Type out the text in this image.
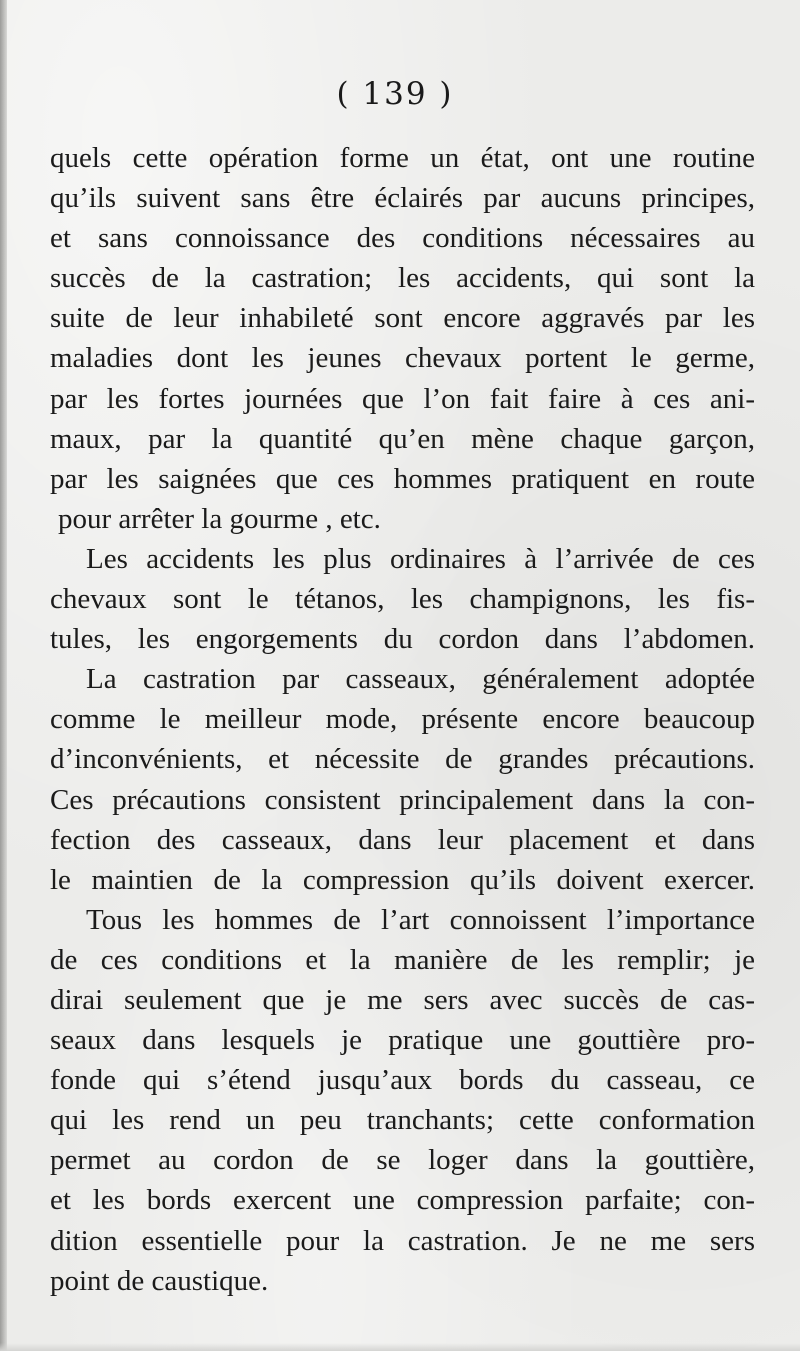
( 139 )
quels cette opération forme un état, ont une routine
qu’ils suivent sans être éclairés par aucuns principes,
et sans connoissance des conditions nécessaires au
succès de la castration; les accidents, qui sont la
suite de leur inhabileté sont encore aggravés par les
maladies dont les jeunes chevaux portent le germe,
par les fortes journées que l’on fait faire à ces ani-
maux, par la quantité qu’en mène chaque garçon,
par les saignées que ces hommes pratiquent en route
pour arrêter la gourme , etc.
Les accidents les plus ordinaires à l’arrivée de ces
chevaux sont le tétanos, les champignons, les fis-
tules, les engorgements du cordon dans l’abdomen.
La castration par casseaux, généralement adoptée
comme le meilleur mode, présente encore beaucoup
d’inconvénients, et nécessite de grandes précautions.
Ces précautions consistent principalement dans la con-
fection des casseaux, dans leur placement et dans
le maintien de la compression qu’ils doivent exercer.
Tous les hommes de l’art connoissent l’importance
de ces conditions et la manière de les remplir; je
dirai seulement que je me sers avec succès de cas-
seaux dans lesquels je pratique une gouttière pro-
fonde qui s’étend jusqu’aux bords du casseau, ce
qui les rend un peu tranchants; cette conformation
permet au cordon de se loger dans la gouttière,
et les bords exercent une compression parfaite; con-
dition essentielle pour la castration. Je ne me sers
point de caustique.
